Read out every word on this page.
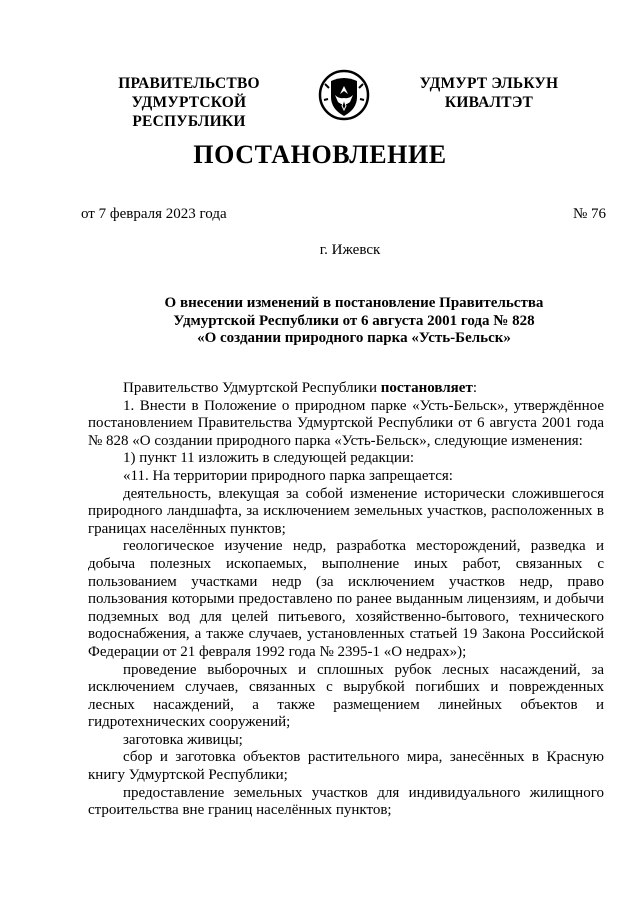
ПРАВИТЕЛЬСТВО
УДМУРТСКОЙ РЕСПУБЛИКИ
УДМУРТ ЭЛЬКУН
КИВАЛТЭТ
ПОСТАНОВЛЕНИЕ
от 7 февраля 2023 года	№ 76
г. Ижевск
О внесении изменений в постановление Правительства
Удмуртской Республики от 6 августа 2001 года № 828
«О создании природного парка «Усть-Бельск»

Правительство Удмуртской Республики постановляет:

1. Внести в Положение о природном парке «Усть-Бельск», утверждённое постановлением Правительства Удмуртской Республики от 6 августа 2001 года № 828 «О создании природного парка «Усть-Бельск», следующие изменения:

1) пункт 11 изложить в следующей редакции:

«11. На территории природного парка запрещается:

деятельность, влекущая за собой изменение исторически сложившегося природного ландшафта, за исключением земельных участков, расположенных в границах населённых пунктов;

геологическое изучение недр, разработка месторождений, разведка и добыча полезных ископаемых, выполнение иных работ, связанных с пользованием участками недр (за исключением участков недр, право пользования которыми предоставлено по ранее выданным лицензиям, и добычи подземных вод для целей питьевого, хозяйственно-бытового, технического водоснабжения, а также случаев, установленных статьей 19 Закона Российской Федерации от 21 февраля 1992 года № 2395-1 «О недрах»);

проведение выборочных и сплошных рубок лесных насаждений, за исключением случаев, связанных с вырубкой погибших и поврежденных лесных насаждений, а также размещением линейных объектов и гидротехнических сооружений;

заготовка живицы;

сбор и заготовка объектов растительного мира, занесённых в Красную книгу Удмуртской Республики;

предоставление земельных участков для индивидуального жилищного строительства вне границ населённых пунктов;
